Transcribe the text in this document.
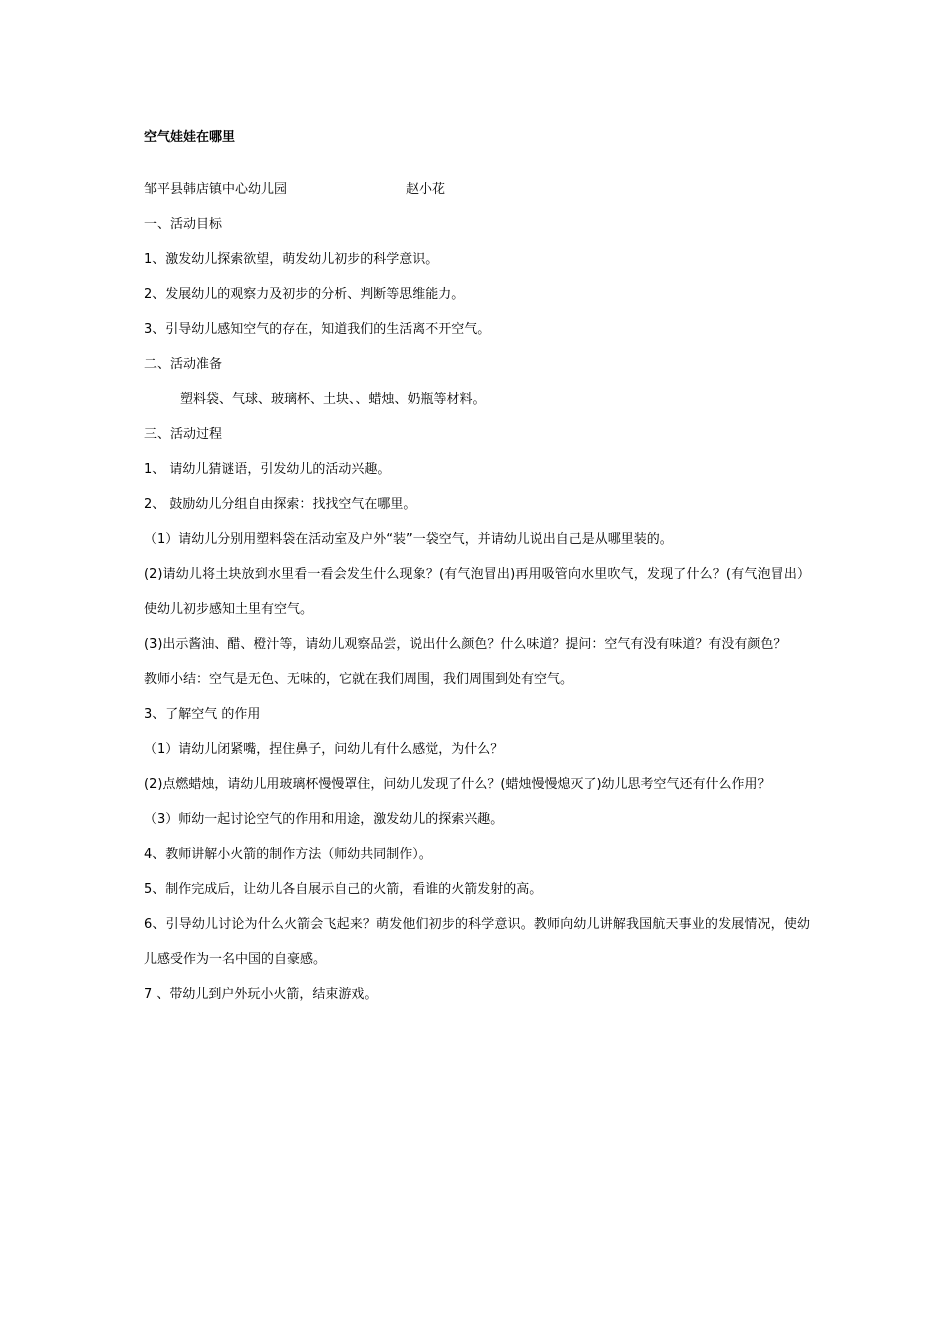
空气娃娃在哪里
邹平县韩店镇中心幼儿园	赵小花
一、活动目标
1、激发幼儿探索欲望，萌发幼儿初步的科学意识。
2、发展幼儿的观察力及初步的分析、判断等思维能力。
3、引导幼儿感知空气的存在，知道我们的生活离不开空气。
二、活动准备
塑料袋、气球、玻璃杯、土块、、蜡烛、奶瓶等材料。
三、活动过程
1、 请幼儿猜谜语，引发幼儿的活动兴趣。
2、 鼓励幼儿分组自由探索：找找空气在哪里。
（1）请幼儿分别用塑料袋在活动室及户外“装”一袋空气，并请幼儿说出自己是从哪里装的。
(2)请幼儿将土块放到水里看一看会发生什么现象？(有气泡冒出)再用吸管向水里吹气，发现了什么？(有气泡冒出）使幼儿初步感知土里有空气。
(3)出示酱油、醋、橙汁等，请幼儿观察品尝，说出什么颜色？什么味道？提问：空气有没有味道？有没有颜色？
教师小结：空气是无色、无味的，它就在我们周围，我们周围到处有空气。
3、了解空气 的作用
（1）请幼儿闭紧嘴，捏住鼻子，问幼儿有什么感觉，为什么？
(2)点燃蜡烛，请幼儿用玻璃杯慢慢罩住，问幼儿发现了什么？(蜡烛慢慢熄灭了)幼儿思考空气还有什么作用？
（3）师幼一起讨论空气的作用和用途，激发幼儿的探索兴趣。
4、教师讲解小火箭的制作方法（师幼共同制作）。
5、制作完成后，让幼儿各自展示自己的火箭，看谁的火箭发射的高。
6、引导幼儿讨论为什么火箭会飞起来？萌发他们初步的科学意识。教师向幼儿讲解我国航天事业的发展情况，使幼儿感受作为一名中国的自豪感。
7 、带幼儿到户外玩小火箭，结束游戏。
